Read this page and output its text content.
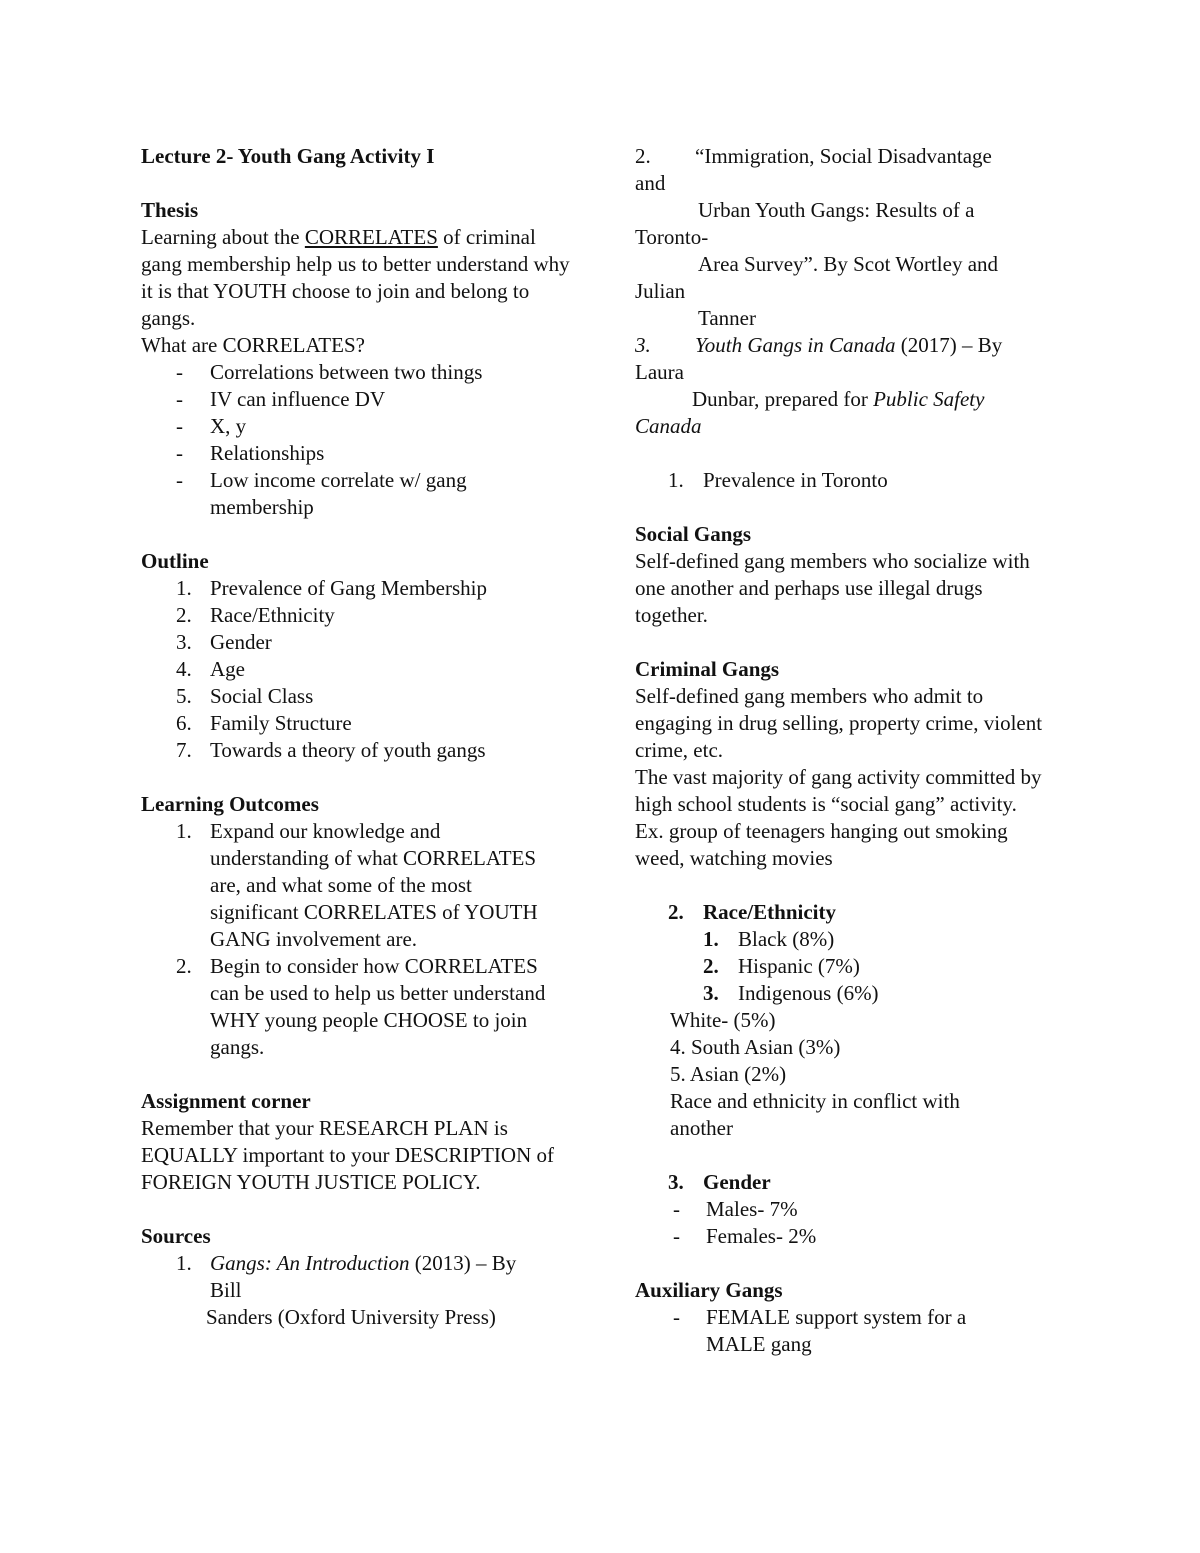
Lecture 2- Youth Gang Activity I

Thesis

Learning about the CORRELATES of criminal gang membership help us to better understand why it is that YOUTH choose to join and belong to gangs.

What are CORRELATES?

-	Correlations between two things
-	IV can influence DV
-	X, y
-	Relationships
-	Low income correlate w/ gang membership

Outline

1. Prevalence of Gang Membership
2. Race/Ethnicity
3. Gender
4. Age
5. Social Class
6. Family Structure
7. Towards a theory of youth gangs

Learning Outcomes

1. Expand our knowledge and understanding of what CORRELATES are, and what some of the most significant CORRELATES of YOUTH GANG involvement are.
2. Begin to consider how CORRELATES can be used to help us better understand WHY young people CHOOSE to join gangs.

Assignment corner

Remember that your RESEARCH PLAN is EQUALLY important to your DESCRIPTION of FOREIGN YOUTH JUSTICE POLICY.

Sources

1. Gangs: An Introduction (2013) – By

Bill

Sanders (Oxford University Press)

2.	“Immigration, Social Disadvantage

and

Urban Youth Gangs: Results of a

Toronto-

Area Survey”. By Scot Wortley and

Julian

Tanner

3.	Youth Gangs in Canada (2017) – By

Laura

Dunbar, prepared for Public Safety

Canada

1. Prevalence in Toronto

Social Gangs

Self-defined gang members who socialize with one another and perhaps use illegal drugs together.

Criminal Gangs

Self-defined gang members who admit to engaging in drug selling, property crime, violent crime, etc.

The vast majority of gang activity committed by high school students is “social gang” activity.

Ex. group of teenagers hanging out smoking weed, watching movies

2. Race/Ethnicity
1. Black (8%)
2. Hispanic (7%)
3. Indigenous (6%)

White- (5%)

4. South Asian (3%)

5. Asian (2%)

Race and ethnicity in conflict with another

3. Gender
-	Males- 7%
-	Females- 2%

Auxiliary Gangs

-	FEMALE support system for a MALE gang
